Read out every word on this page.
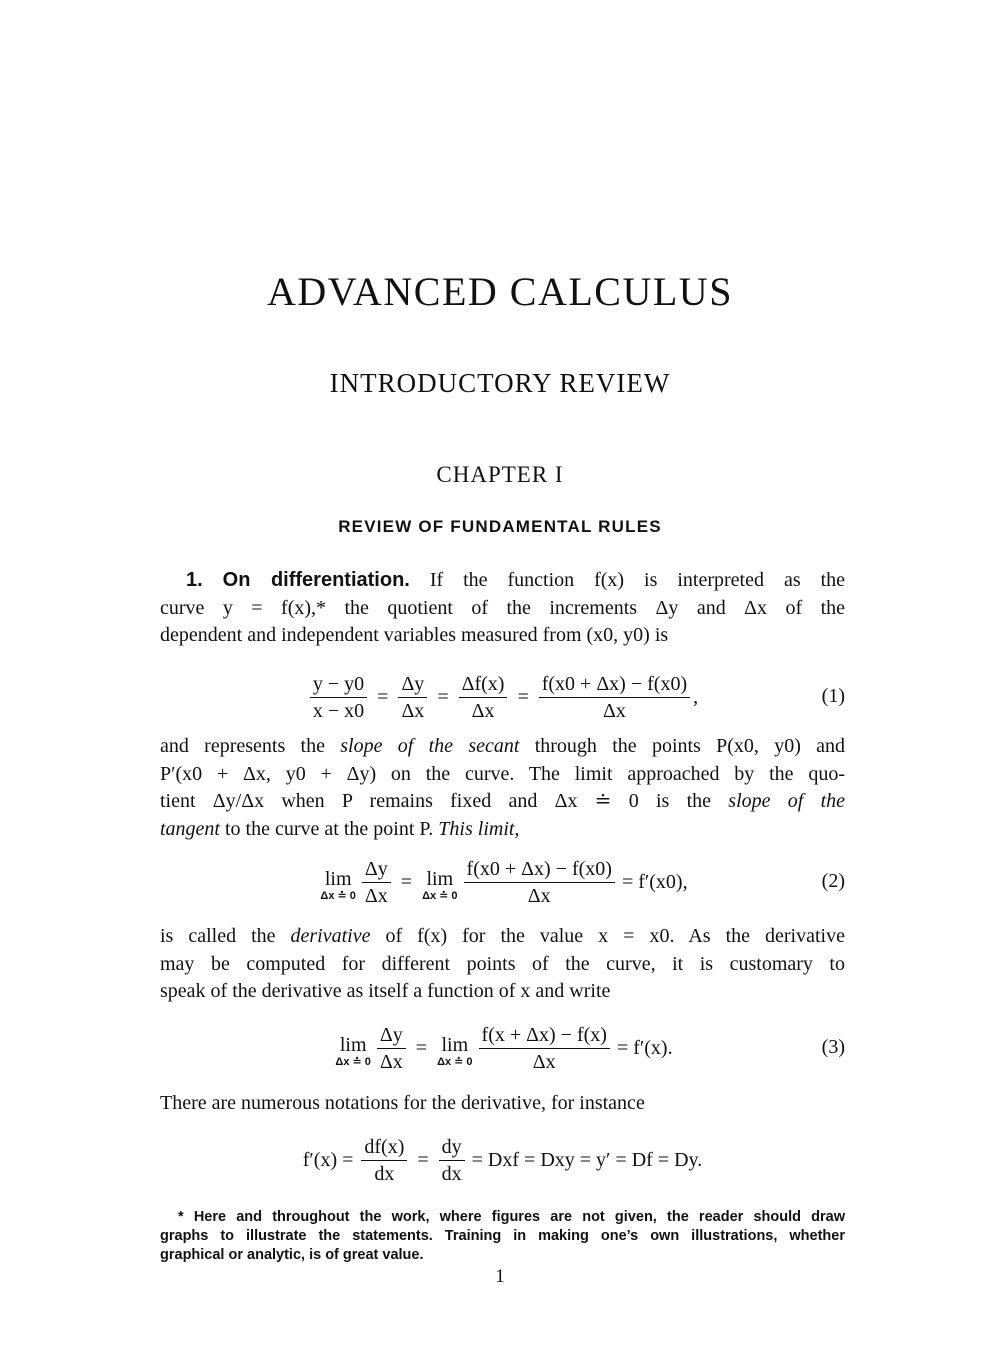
ADVANCED CALCULUS
INTRODUCTORY REVIEW
CHAPTER I
REVIEW OF FUNDAMENTAL RULES
1. On differentiation. If the function f(x) is interpreted as the
curve y = f(x),* the quotient of the increments Δy and Δx of the
dependent and independent variables measured from (x0, y0) is
$\frac{y - y0}{x - x0} = \frac{\Delta y}{\Delta x} = \frac{\Delta f(x)}{\Delta x} = \frac{f(x0 + \Delta x) - f(x0)}{\Delta x}$ ,	(1)
and represents the slope of the secant through the points P(x0, y0) and
P′(x0 + Δx, y0 + Δy) on the curve. The limit approached by the quo-
tient Δy/Δx when P remains fixed and Δx ≐ 0 is the slope of the
tangent to the curve at the point P. This limit,
lim
Δx ≐ $0 \frac{\Delta y}{\Delta x} = \lim$
Δx ≐ $0 \frac{f(x0 + \Delta x) - f(x0)}{\Delta x} = f'(x0)$,	(2)
is called the derivative of f(x) for the value x = x0. As the derivative
may be computed for different points of the curve, it is customary to
speak of the derivative as itself a function of x and write
lim
Δx ≐ $0 \frac{\Delta y}{\Delta x} = \lim$
Δx ≐ $0 \frac{f(x + \Delta x) - f(x)}{\Delta x} = f'(x)$.	(3)
There are numerous notations for the derivative, for instance
$f'(x) = \frac{df(x)}{dx} = \frac{dy}{dx}$ = Dxf = Dxy = y′ = Df = Dy.
* Here and throughout the work, where figures are not given, the reader should draw
graphs to illustrate the statements. Training in making one’s own illustrations, whether
graphical or analytic, is of great value.
1
